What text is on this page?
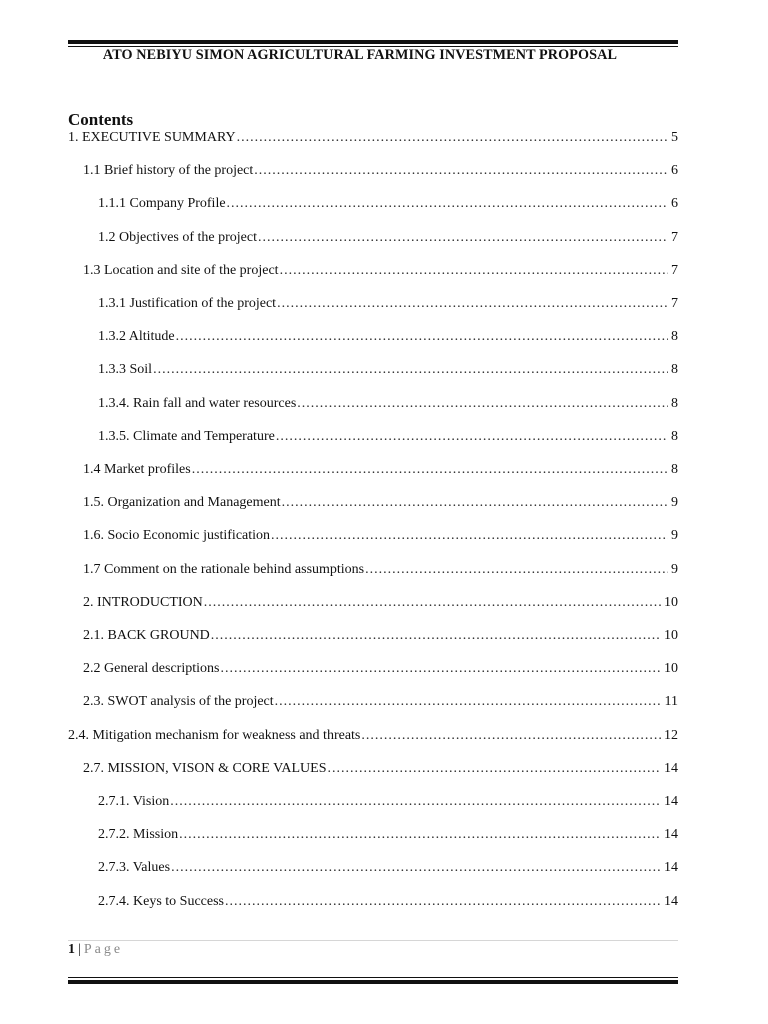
ATO NEBIYU SIMON AGRICULTURAL FARMING INVESTMENT PROPOSAL
Contents
1. EXECUTIVE SUMMARY .....	5
1.1 Brief history of the project .....	6
1.1.1 Company Profile .....	6
1.2 Objectives of the project .....	7
1.3 Location and site of the project .....	7
1.3.1 Justification of the project .....	7
1.3.2 Altitude .....	8
1.3.3 Soil .....	8
1.3.4. Rain fall and water resources .....	8
1.3.5. Climate and Temperature .....	8
1.4 Market profiles .....	8
1.5. Organization and Management .....	9
1.6. Socio Economic justification .....	9
1.7 Comment on the rationale behind assumptions .....	9
2. INTRODUCTION .....	10
2.1. BACK GROUND .....	10
2.2 General descriptions .....	10
2.3. SWOT analysis of the project .....	11
2.4. Mitigation mechanism for weakness and threats .....	12
2.7. MISSION, VISON & CORE VALUES .....	14
2.7.1. Vision .....	14
2.7.2. Mission .....	14
2.7.3. Values .....	14
2.7.4. Keys to Success .....	14
1 | Page
